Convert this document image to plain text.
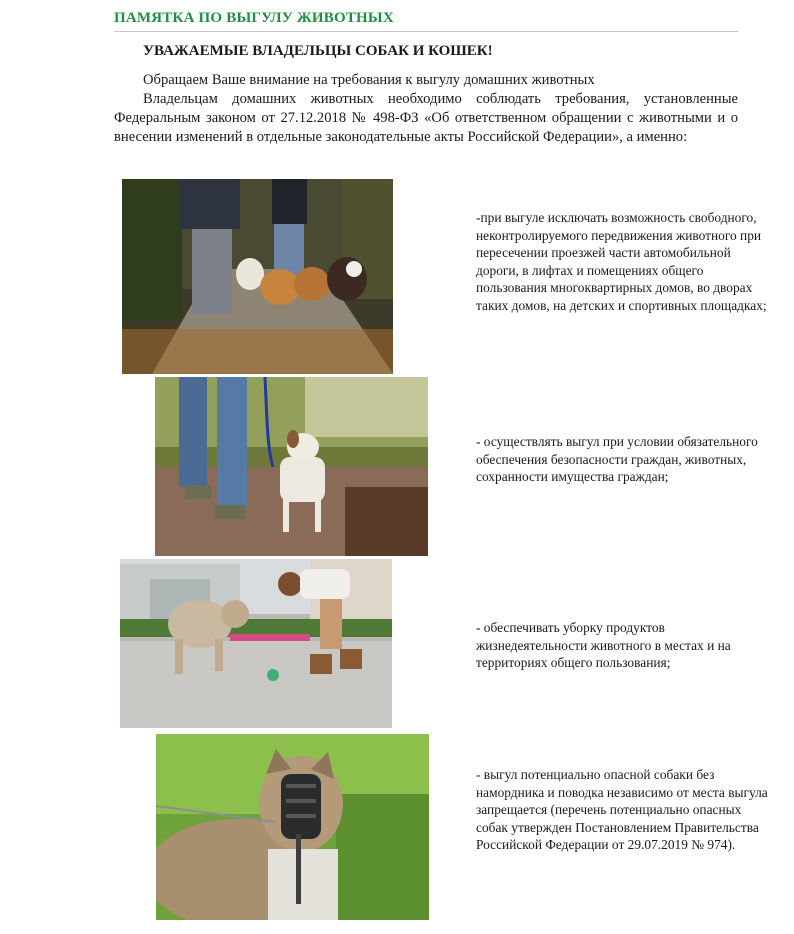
ПАМЯТКА ПО ВЫГУЛУ ЖИВОТНЫХ
УВАЖАЕМЫЕ ВЛАДЕЛЬЦЫ СОБАК И КОШЕК!

Обращаем Ваше внимание на требования к выгулу домашних животных

Владельцам домашних животных необходимо соблюдать требования, установленные Федеральным законом от 27.12.2018 № 498-ФЗ «Об ответственном обращении с животными и о внесении изменений в отдельные законодательные акты Российской Федерации», а именно:

-при выгуле исключать возможность свободного, неконтролируемого передвижения животного при пересечении проезжей части автомобильной дороги, в лифтах и помещениях общего пользования многоквартирных домов, во дворах таких домов, на детских и спортивных площадках;
- осуществлять выгул при условии обязательного обеспечения безопасности граждан, животных, сохранности имущества граждан;
- обеспечивать уборку продуктов жизнедеятельности животного в местах и на территориях общего пользования;
- выгул потенциально опасной собаки без намордника и поводка независимо от места выгула запрещается (перечень потенциально опасных собак утвержден Постановлением Правительства Российской Федерации от 29.07.2019 № 974).
